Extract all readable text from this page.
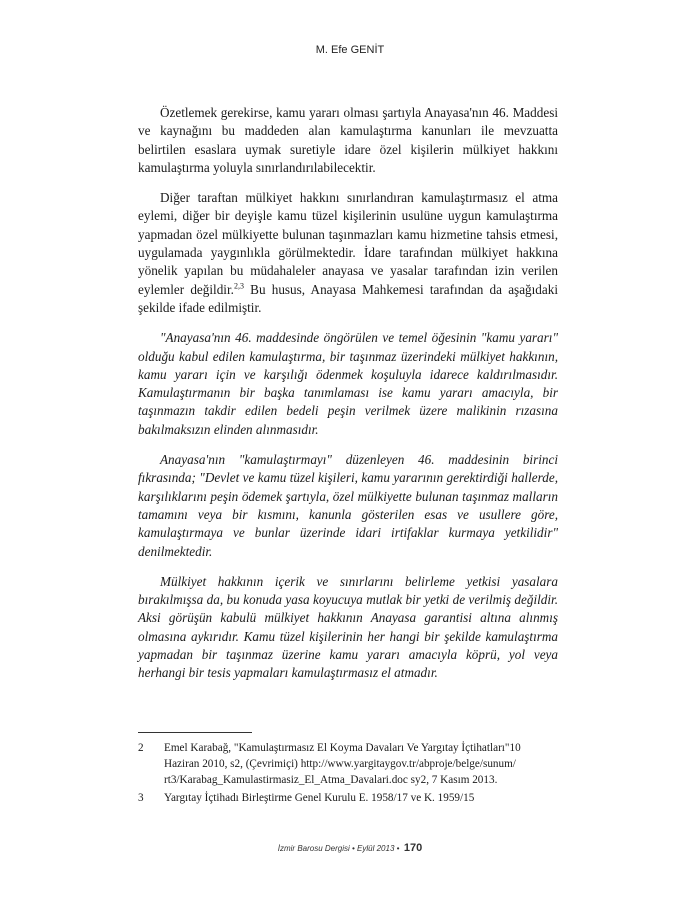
M. Efe GENİT

Özetlemek gerekirse, kamu yararı olması şartıyla Anayasa'nın 46. Maddesi ve kaynağını bu maddeden alan kamulaştırma kanunları ile mevzuatta belirtilen esaslara uymak suretiyle idare özel kişilerin mülkiyet hakkını kamulaştırma yoluyla sınırlandırılabilecektir.

Diğer taraftan mülkiyet hakkını sınırlandıran kamulaştırmasız el atma eylemi, diğer bir deyişle kamu tüzel kişilerinin usulüne uygun kamulaştırma yapmadan özel mülkiyette bulunan taşınmazları kamu hizmetine tahsis etmesi, uygulamada yaygınlıkla görülmektedir. İdare tarafından mülkiyet hakkına yönelik yapılan bu müdahaleler anayasa ve yasalar tarafından izin verilen eylemler değildir.$^{2,3}$ Bu husus, Anayasa Mahkemesi tarafından da aşağıdaki şekilde ifade edilmiştir.

"Anayasa'nın 46. maddesinde öngörülen ve temel öğesinin "kamu yararı" olduğu kabul edilen kamulaştırma, bir taşınmaz üzerindeki mülkiyet hakkının, kamu yararı için ve karşılığı ödenmek koşuluyla idarece kaldırılmasıdır. Kamulaştırmanın bir başka tanımlaması ise kamu yararı amacıyla, bir taşınmazın takdir edilen bedeli peşin verilmek üzere malikinin rızasına bakılmaksızın elinden alınmasıdır.

Anayasa'nın "kamulaştırmayı" düzenleyen 46. maddesinin birinci fıkrasında; "Devlet ve kamu tüzel kişileri, kamu yararının gerektirdiği hallerde, karşılıklarını peşin ödemek şartıyla, özel mülkiyette bulunan taşınmaz malların tamamını veya bir kısmını, kanunla gösterilen esas ve usullere göre, kamulaştırmaya ve bunlar üzerinde idari irtifaklar kurmaya yetkilidir" denilmektedir.

Mülkiyet hakkının içerik ve sınırlarını belirleme yetkisi yasalara bırakılmışsa da, bu konuda yasa koyucuya mutlak bir yetki de verilmiş değildir. Aksi görüşün kabulü mülkiyet hakkının Anayasa garantisi altına alınmış olmasına aykırıdır. Kamu tüzel kişilerinin her hangi bir şekilde kamulaştırma yapmadan bir taşınmaz üzerine kamu yararı amacıyla köprü, yol veya herhangi bir tesis yapmaları kamulaştırmasız el atmadır.

2	Emel Karabağ, "Kamulaştırmasız El Koyma Davaları Ve Yargıtay İçtihatları"10
Haziran 2010, s2, (Çevrimiçi) http://www.yargitaygov.tr/abproje/belge/sunum/
rt3/Karabag_Kamulastirmasiz_El_Atma_Davalari.doc sy2, 7 Kasım 2013.
3	Yargıtay İçtihadı Birleştirme Genel Kurulu E. 1958/17 ve K. 1959/15
İzmir Barosu Dergisi • Eylül 2013 • 170
